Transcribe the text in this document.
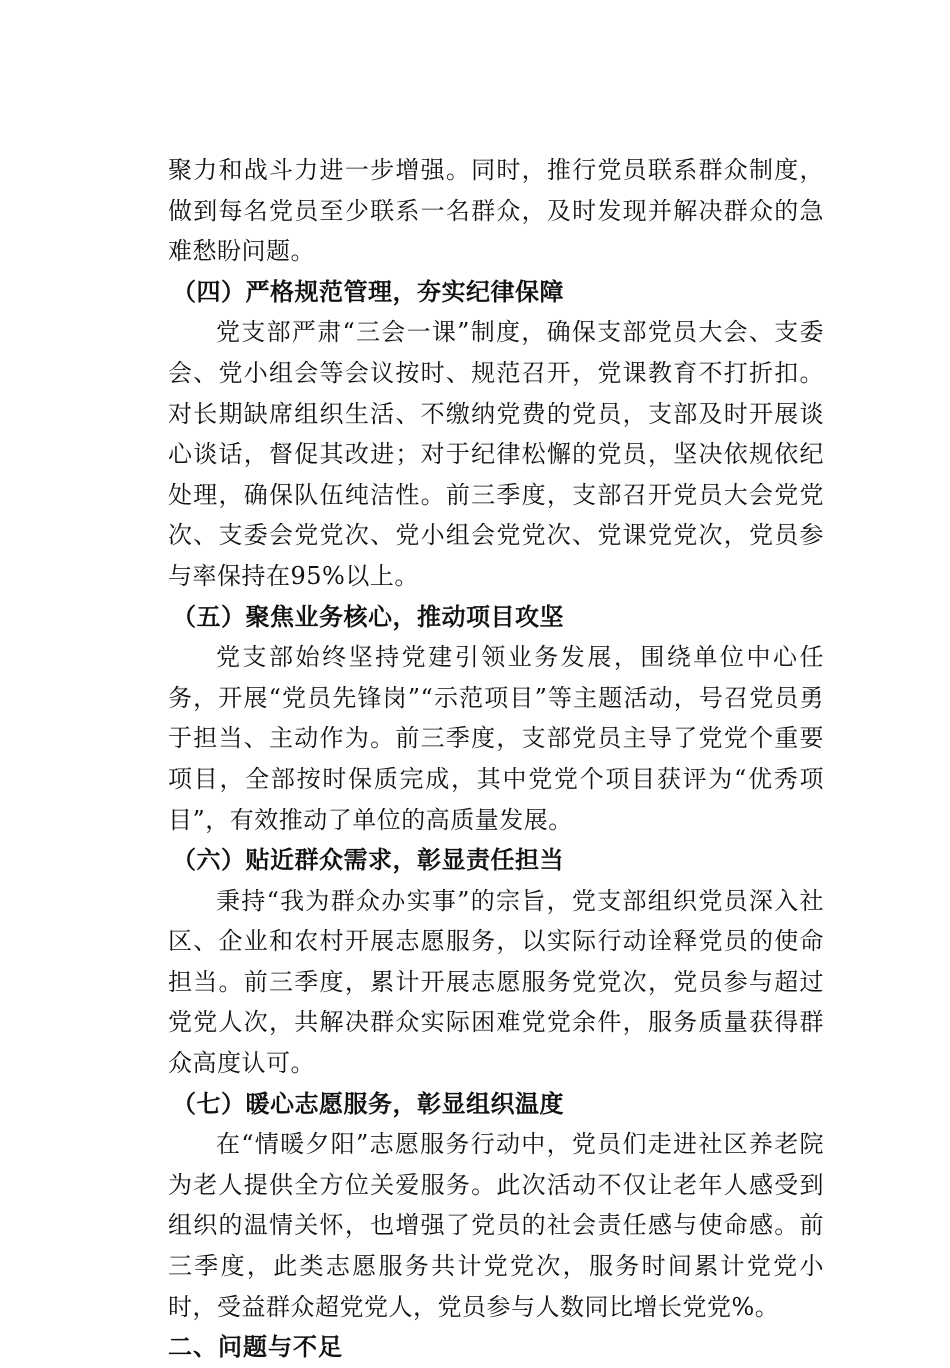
聚力和战斗力进一步增强。同时，推行党员联系群众制度，做到每名党员至少联系一名群众，及时发现并解决群众的急难愁盼问题。

（四）严格规范管理，夯实纪律保障

党支部严肃“三会一课”制度，确保支部党员大会、支委会、党小组会等会议按时、规范召开，党课教育不打折扣。对长期缺席组织生活、不缴纳党费的党员，支部及时开展谈心谈话，督促其改进；对于纪律松懈的党员，坚决依规依纪处理，确保队伍纯洁性。前三季度，支部召开党员大会党党次、支委会党党次、党小组会党党次、党课党党次，党员参与率保持在95%以上。

（五）聚焦业务核心，推动项目攻坚

党支部始终坚持党建引领业务发展，围绕单位中心任务，开展“党员先锋岗”“示范项目”等主题活动，号召党员勇于担当、主动作为。前三季度，支部党员主导了党党个重要项目，全部按时保质完成，其中党党个项目获评为“优秀项目”，有效推动了单位的高质量发展。

（六）贴近群众需求，彰显责任担当

秉持“我为群众办实事”的宗旨，党支部组织党员深入社区、企业和农村开展志愿服务，以实际行动诠释党员的使命担当。前三季度，累计开展志愿服务党党次，党员参与超过党党人次，共解决群众实际困难党党余件，服务质量获得群众高度认可。

（七）暖心志愿服务，彰显组织温度

在“情暖夕阳”志愿服务行动中，党员们走进社区养老院为老人提供全方位关爱服务。此次活动不仅让老年人感受到组织的温情关怀，也增强了党员的社会责任感与使命感。前三季度，此类志愿服务共计党党次，服务时间累计党党小时，受益群众超党党人，党员参与人数同比增长党党%。

二、问题与不足
